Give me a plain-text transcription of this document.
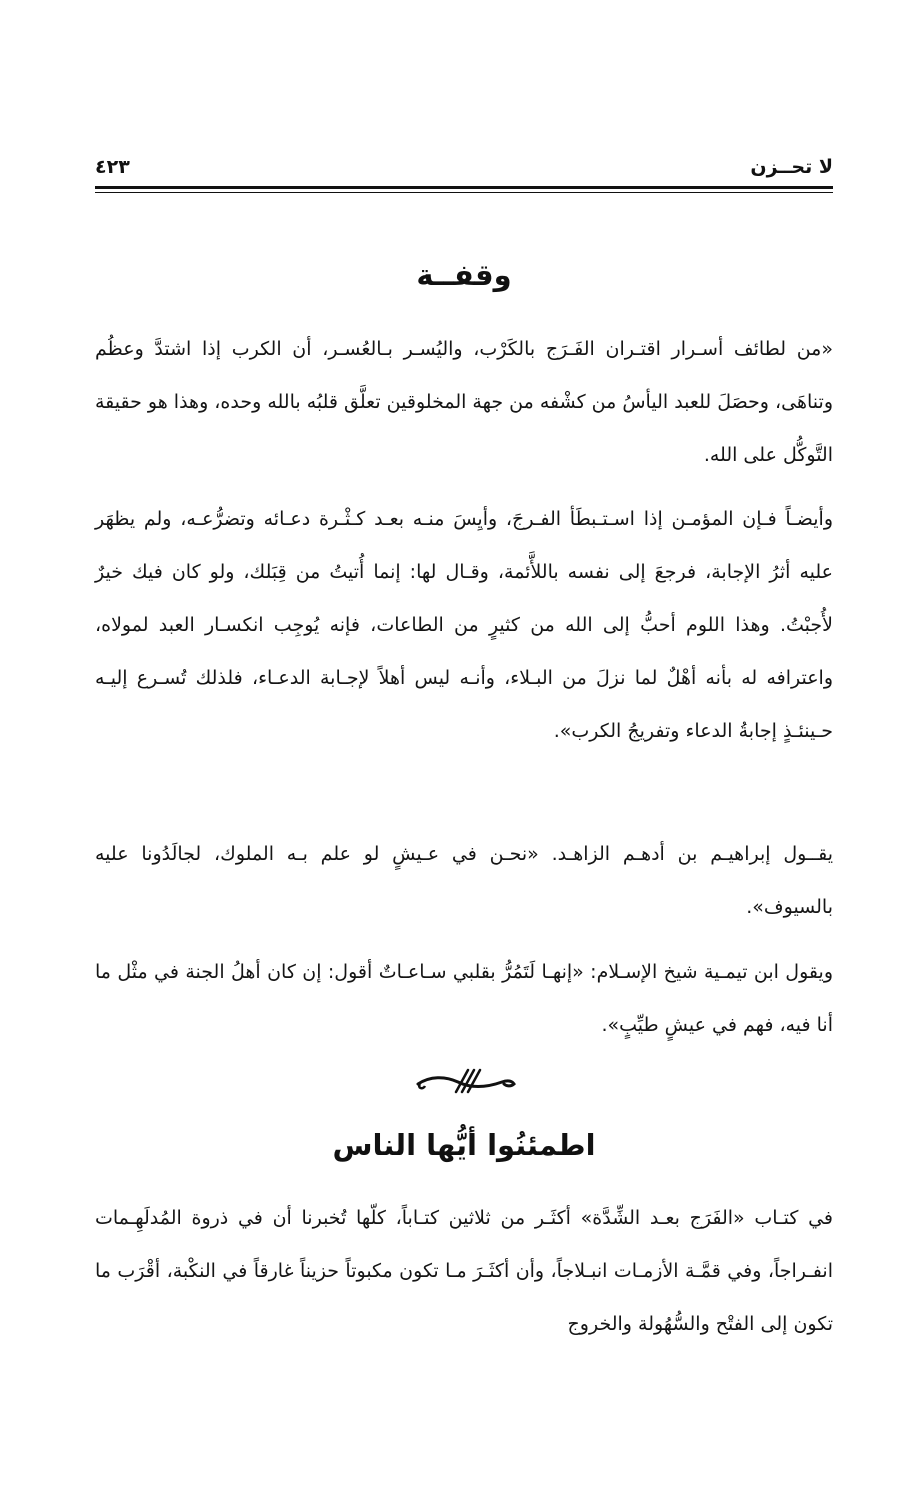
لا تحــزن
٤٢٣
وقفــة

«من لطائف أسـرار اقتـران الفَـرَج بالكَرْب، واليُسـر بـالعُسـر، أن الكرب إذا اشتدَّ وعظُم وتناهَى، وحصَلَ للعبد اليأسُ من كشْفه من جهة المخلوقين تعلَّق قلبُه بالله وحده، وهذا هو حقيقة التَّوكُّل على الله.

وأيضـاً فـإن المؤمـن إذا اسـتـبطَأ الفـرجَ، وأيِسَ منـه بعـد كـثْـرة دعـائه وتضرُّعـه، ولم يظهَر عليه أثرُ الإجابة، فرجعَ إلى نفسه باللأَّئمة، وقـال لها: إنما أُتيتُ من قِبَلك، ولو كان فيك خيرٌ لأُجبْتُ. وهذا اللوم أحبُّ إلى الله من كثيرٍ من الطاعات، فإنه يُوجِب انكسـار العبد لمولاه، واعترافه له بأنه أهْلٌ لما نزلَ من البـلاء، وأنـه ليس أهلاً لإجـابة الدعـاء، فلذلك تُسـرع إليـه حـينئـذٍ إجابةُ الدعاء وتفريجُ الكرب».

يقــول إبراهيـم بن أدهـم الزاهـد. «نحـن في عـيشٍ لو علم بـه الملوك، لجالَدُونا عليه بالسيوف».

ويقول ابن تيمـية شيخ الإسـلام: «إنهـا لَتَمُرُّ بقلبي سـاعـاتٌ أقول: إن كان أهلُ الجنة في مثْل ما أنا فيه، فهم في عيشٍ طيِّبٍ».

اطمئنُوا أيُّها الناس

في كتـاب «الفَرَج بعـد الشِّدَّة» أكثَـر من ثلاثين كتـاباً، كلّها تُخبرنا أن في ذروة المُدلَهِـمات انفـراجاً، وفي قمَّـة الأزمـات انبـلاجاً، وأن أكثَـرَ مـا تكون مكبوتاً حزيناً غارقاً في النكْبة، أقْرَب ما تكون إلى الفتْح والسُّهُولة والخروج
